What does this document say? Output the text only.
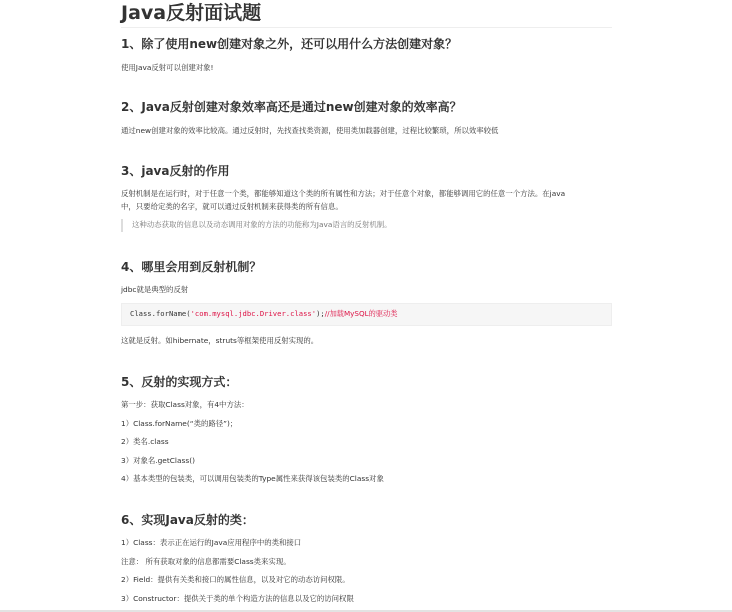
Java反射面试题
1、除了使用new创建对象之外，还可以用什么方法创建对象？
使用Java反射可以创建对象!
2、Java反射创建对象效率高还是通过new创建对象的效率高？
通过new创建对象的效率比较高。通过反射时，先找查找类资源，使用类加载器创建，过程比较繁琐，所以效率较低
3、java反射的作用
反射机制是在运行时，对于任意一个类，都能够知道这个类的所有属性和方法；对于任意个对象，都能够调用它的任意一个方法。在java
中，只要给定类的名字，就可以通过反射机制来获得类的所有信息。
这种动态获取的信息以及动态调用对象的方法的功能称为Java语言的反射机制。
4、哪里会用到反射机制？
jdbc就是典型的反射
Class.forName('com.mysql.jdbc.Driver.class');//加载MySQL的驱动类
这就是反射。如hibernate，struts等框架使用反射实现的。
5、反射的实现方式：
第一步：获取Class对象，有4中方法：
1）Class.forName(“类的路径”)；
2）类名.class
3）对象名.getClass()
4）基本类型的包装类，可以调用包装类的Type属性来获得该包装类的Class对象
6、实现Java反射的类：
1）Class：表示正在运行的Java应用程序中的类和接口
注意： 所有获取对象的信息都需要Class类来实现。
2）Field：提供有关类和接口的属性信息，以及对它的动态访问权限。
3）Constructor：提供关于类的单个构造方法的信息以及它的访问权限
